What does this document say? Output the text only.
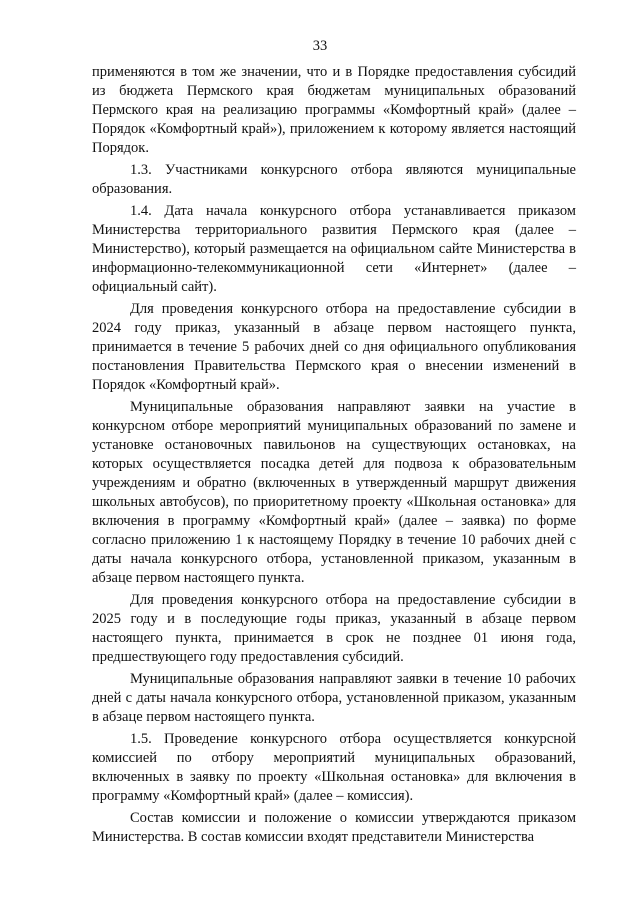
33

применяются в том же значении, что и в Порядке предоставления субсидий из бюджета Пермского края бюджетам муниципальных образований Пермского края на реализацию программы «Комфортный край» (далее – Порядок «Комфортный край»), приложением к которому является настоящий Порядок.

1.3. Участниками конкурсного отбора являются муниципальные образования.

1.4. Дата начала конкурсного отбора устанавливается приказом Министерства территориального развития Пермского края (далее – Министерство), который размещается на официальном сайте Министерства в информационно-телекоммуникационной сети «Интернет» (далее – официальный сайт).

Для проведения конкурсного отбора на предоставление субсидии в 2024 году приказ, указанный в абзаце первом настоящего пункта, принимается в течение 5 рабочих дней со дня официального опубликования постановления Правительства Пермского края о внесении изменений в Порядок «Комфортный край».

Муниципальные образования направляют заявки на участие в конкурсном отборе мероприятий муниципальных образований по замене и установке остановочных павильонов на существующих остановках, на которых осуществляется посадка детей для подвоза к образовательным учреждениям и обратно (включенных в утвержденный маршрут движения школьных автобусов), по приоритетному проекту «Школьная остановка» для включения в программу «Комфортный край» (далее – заявка) по форме согласно приложению 1 к настоящему Порядку в течение 10 рабочих дней с даты начала конкурсного отбора, установленной приказом, указанным в абзаце первом настоящего пункта.

Для проведения конкурсного отбора на предоставление субсидии в 2025 году и в последующие годы приказ, указанный в абзаце первом настоящего пункта, принимается в срок не позднее 01 июня года, предшествующего году предоставления субсидий.

Муниципальные образования направляют заявки в течение 10 рабочих дней с даты начала конкурсного отбора, установленной приказом, указанным в абзаце первом настоящего пункта.

1.5. Проведение конкурсного отбора осуществляется конкурсной комиссией по отбору мероприятий муниципальных образований, включенных в заявку по проекту «Школьная остановка» для включения в программу «Комфортный край» (далее – комиссия).

Состав комиссии и положение о комиссии утверждаются приказом Министерства. В состав комиссии входят представители Министерства
